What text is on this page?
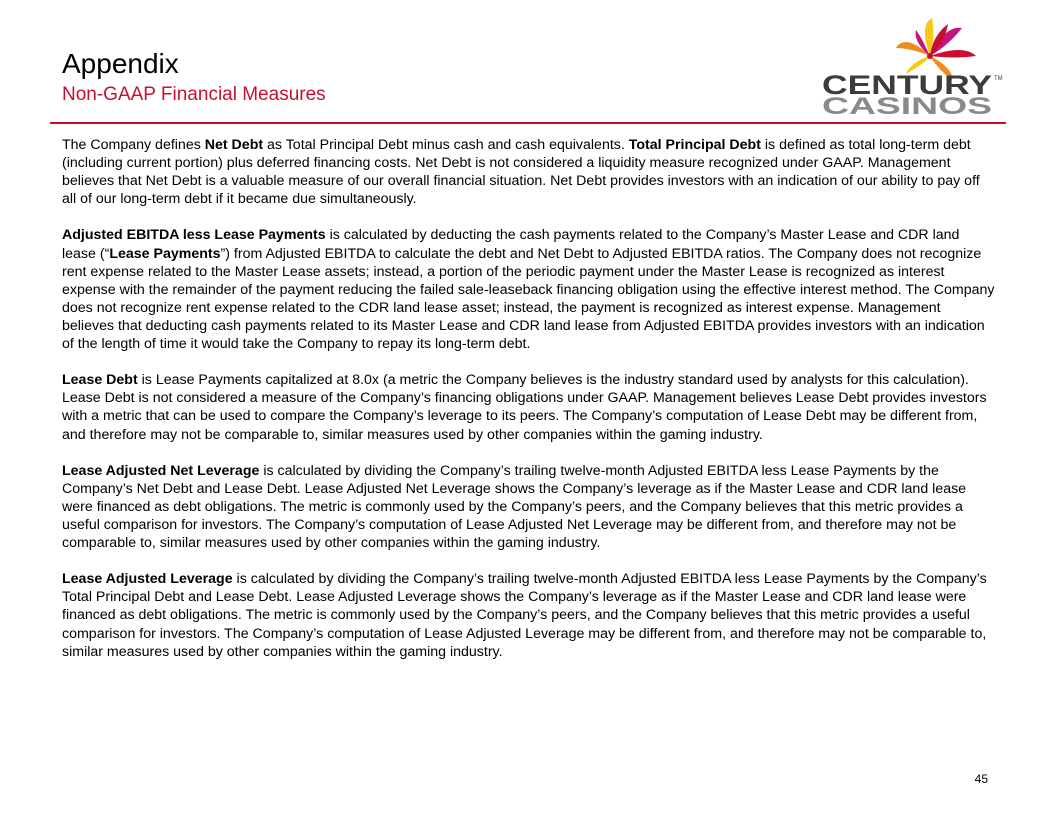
Appendix
Non-GAAP Financial Measures	CENTURY TM
CASINOS

The Company defines Net Debt as Total Principal Debt minus cash and cash equivalents. Total Principal Debt is defined as total long-term debt (including current portion) plus deferred financing costs. Net Debt is not considered a liquidity measure recognized under GAAP. Management believes that Net Debt is a valuable measure of our overall financial situation. Net Debt provides investors with an indication of our ability to pay off all of our long-term debt if it became due simultaneously.

Adjusted EBITDA less Lease Payments is calculated by deducting the cash payments related to the Company’s Master Lease and CDR land lease (“Lease Payments”) from Adjusted EBITDA to calculate the debt and Net Debt to Adjusted EBITDA ratios. The Company does not recognize rent expense related to the Master Lease assets; instead, a portion of the periodic payment under the Master Lease is recognized as interest expense with the remainder of the payment reducing the failed sale-leaseback financing obligation using the effective interest method. The Company does not recognize rent expense related to the CDR land lease asset; instead, the payment is recognized as interest expense. Management believes that deducting cash payments related to its Master Lease and CDR land lease from Adjusted EBITDA provides investors with an indication of the length of time it would take the Company to repay its long-term debt.

Lease Debt is Lease Payments capitalized at 8.0x (a metric the Company believes is the industry standard used by analysts for this calculation). Lease Debt is not considered a measure of the Company’s financing obligations under GAAP. Management believes Lease Debt provides investors with a metric that can be used to compare the Company’s leverage to its peers. The Company’s computation of Lease Debt may be different from, and therefore may not be comparable to, similar measures used by other companies within the gaming industry.

Lease Adjusted Net Leverage is calculated by dividing the Company’s trailing twelve-month Adjusted EBITDA less Lease Payments by the Company’s Net Debt and Lease Debt. Lease Adjusted Net Leverage shows the Company’s leverage as if the Master Lease and CDR land lease were financed as debt obligations. The metric is commonly used by the Company’s peers, and the Company believes that this metric provides a useful comparison for investors. The Company’s computation of Lease Adjusted Net Leverage may be different from, and therefore may not be comparable to, similar measures used by other companies within the gaming industry.

Lease Adjusted Leverage is calculated by dividing the Company’s trailing twelve-month Adjusted EBITDA less Lease Payments by the Company’s Total Principal Debt and Lease Debt. Lease Adjusted Leverage shows the Company’s leverage as if the Master Lease and CDR land lease were financed as debt obligations. The metric is commonly used by the Company’s peers, and the Company believes that this metric provides a useful comparison for investors. The Company’s computation of Lease Adjusted Leverage may be different from, and therefore may not be comparable to, similar measures used by other companies within the gaming industry.

45
